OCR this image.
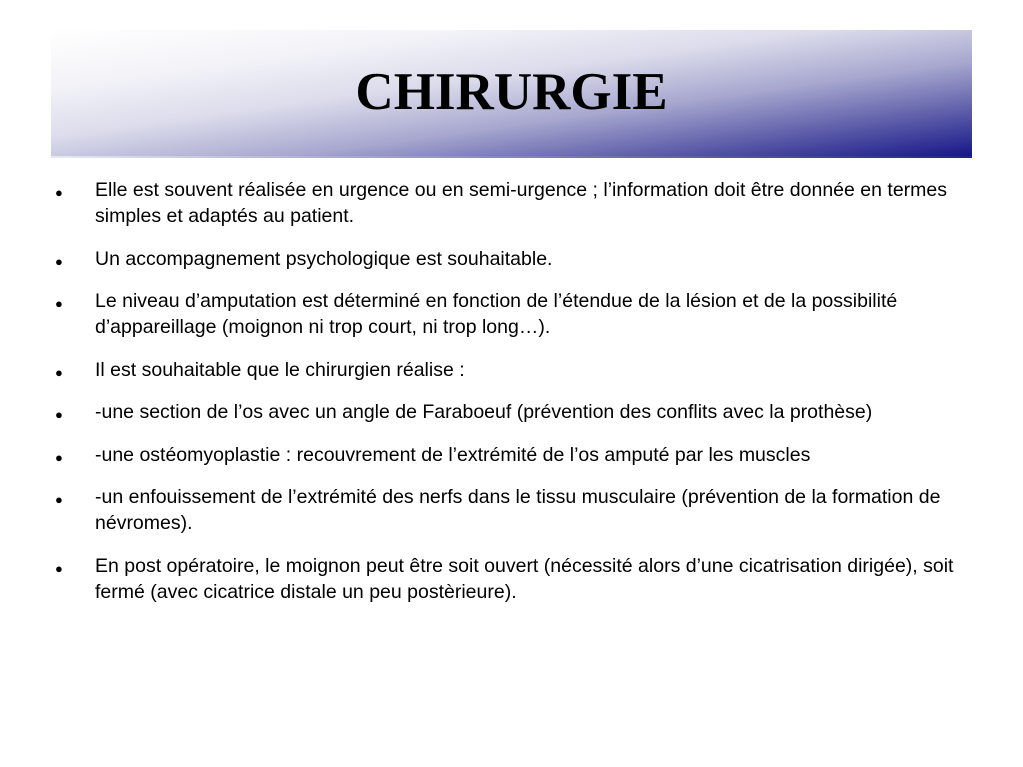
CHIRURGIE
● Elle est souvent réalisée en urgence ou en semi-urgence ; l’information doit être donnée en termes simples et adaptés au patient.
● Un accompagnement psychologique est souhaitable.
● Le niveau d’amputation est déterminé en fonction de l’étendue de la lésion et de la possibilité d’appareillage (moignon ni trop court, ni trop long…).
● Il est souhaitable que le chirurgien réalise :
● -une section de l’os avec un angle de Faraboeuf (prévention des conflits avec la prothèse)
● -une ostéomyoplastie : recouvrement de l’extrémité de l’os amputé par les muscles
● -un enfouissement de l’extrémité des nerfs dans le tissu musculaire (prévention de la formation de névromes).
● En post opératoire, le moignon peut être soit ouvert (nécessité alors d’une cicatrisation dirigée), soit fermé (avec cicatrice distale un peu postèrieure).
